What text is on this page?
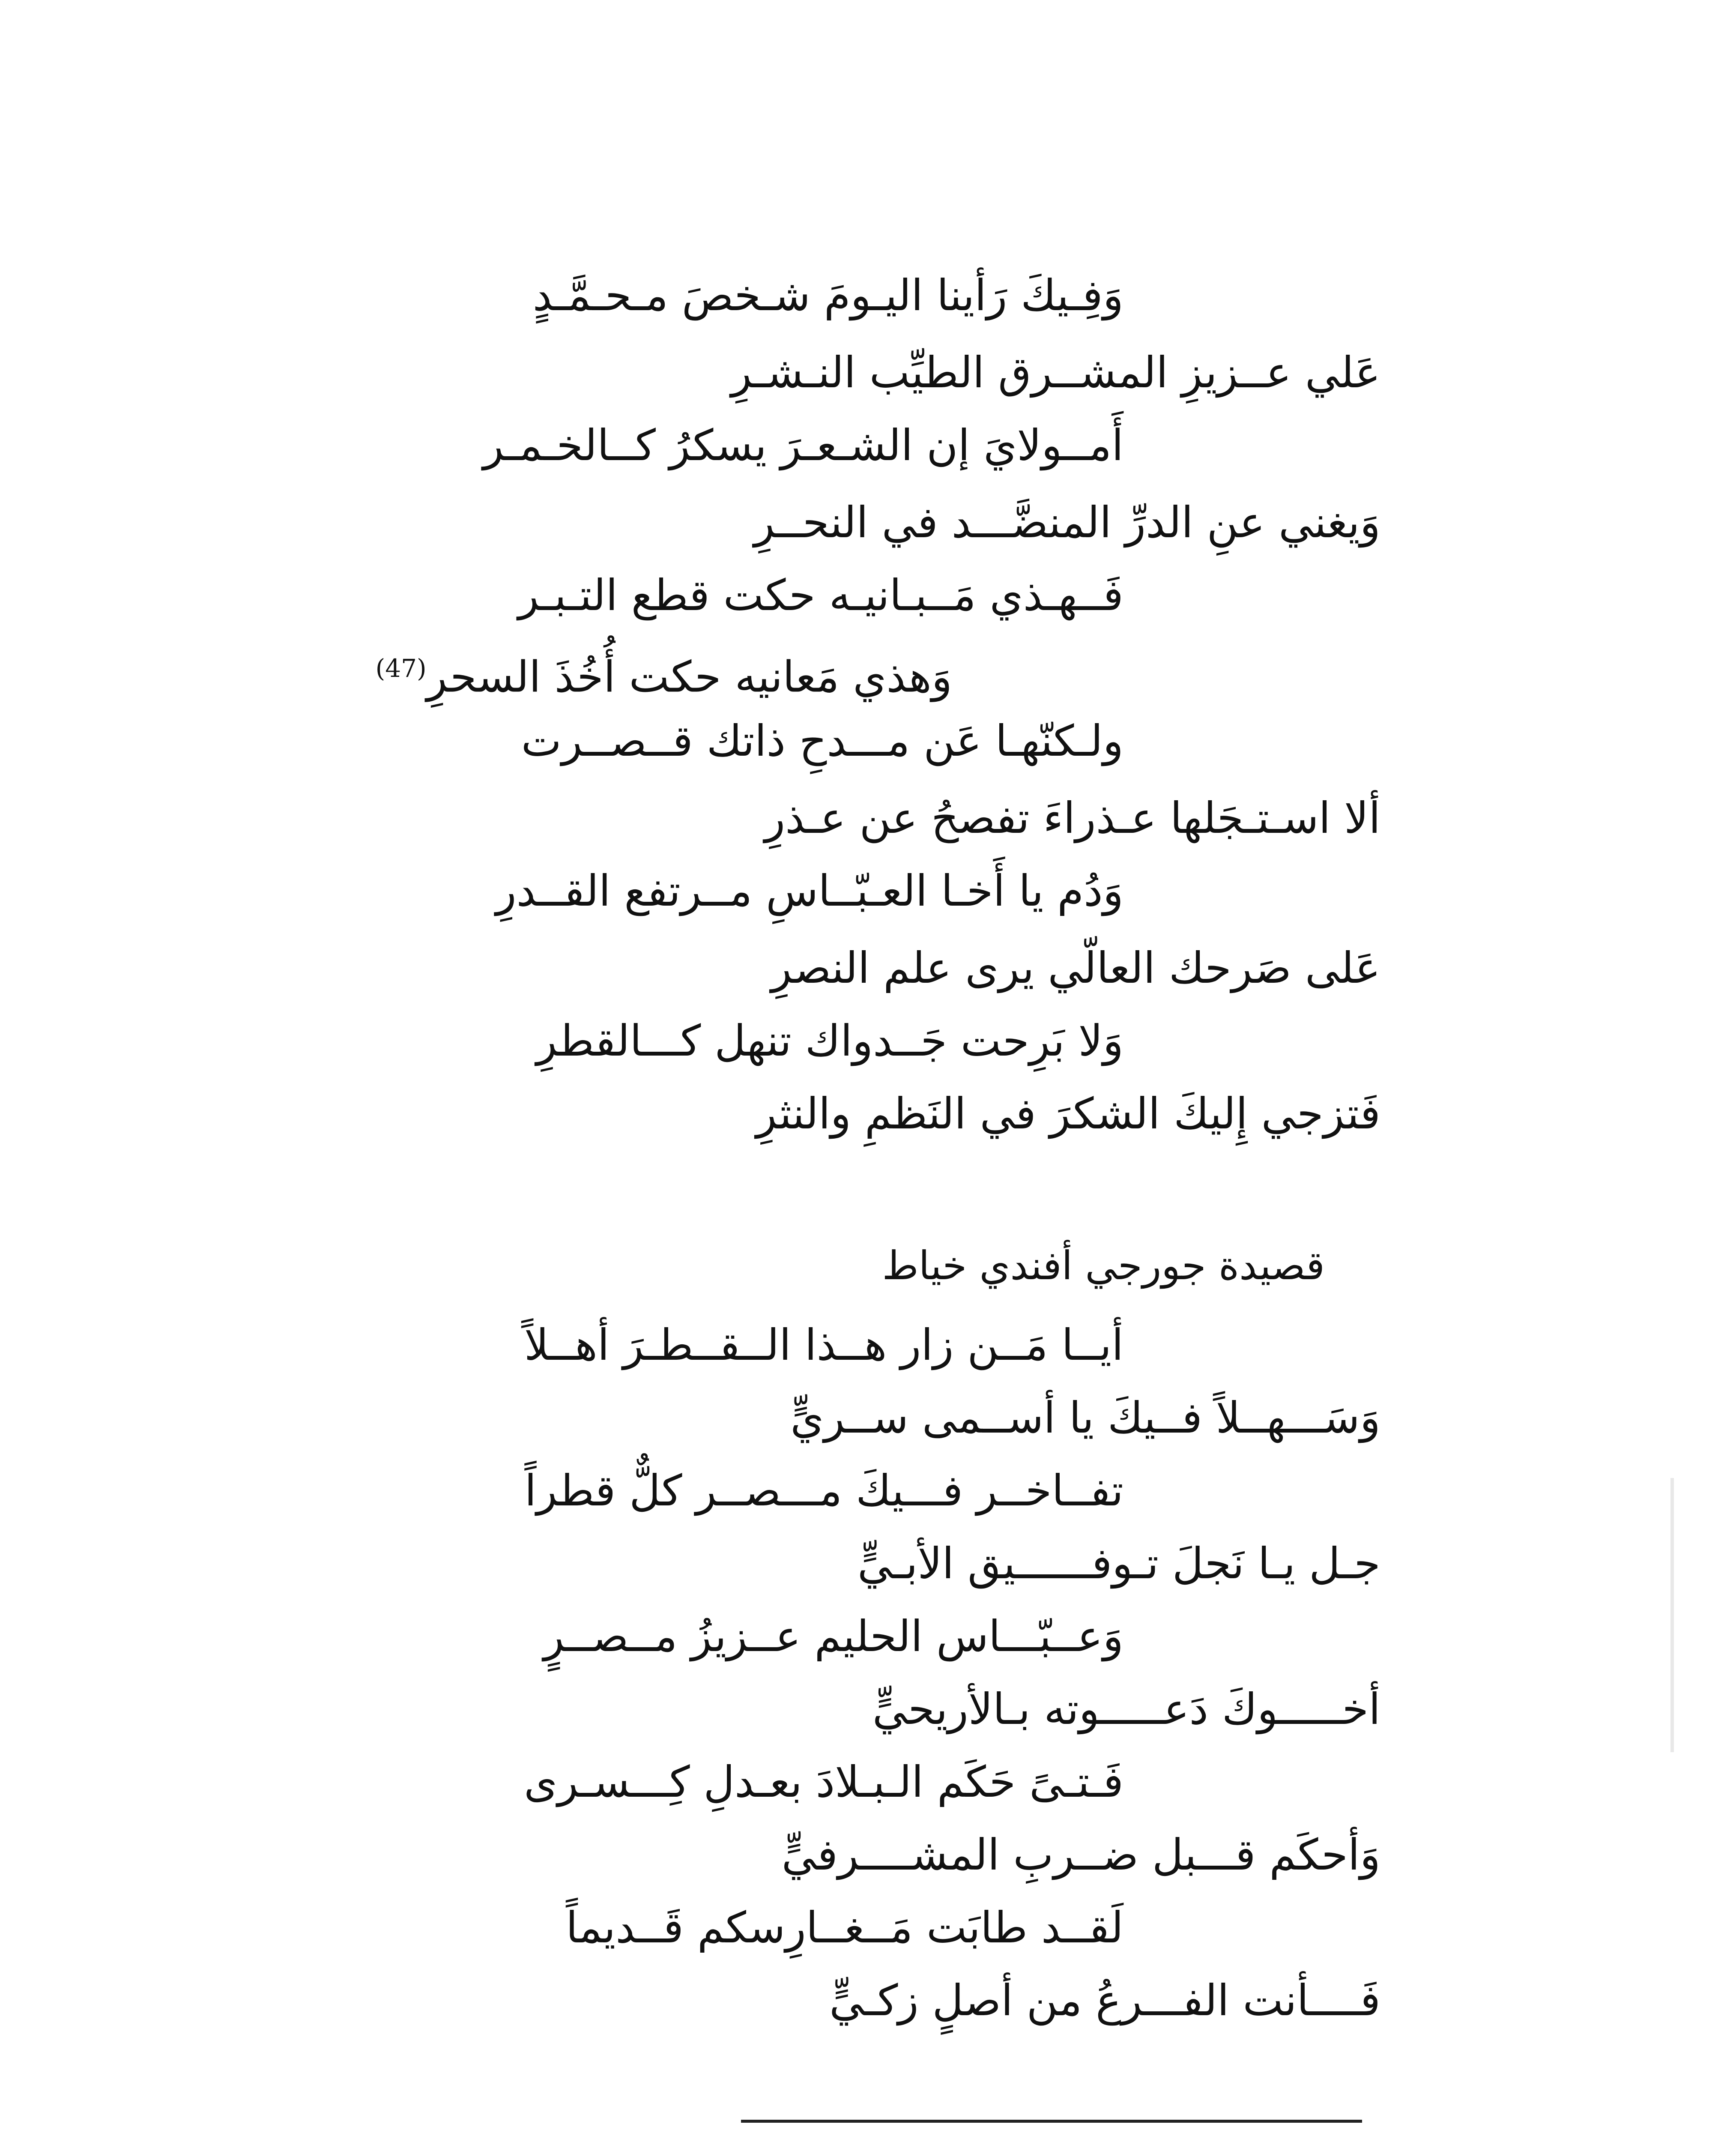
وَفِـيكَ رَأينا اليـومَ شـخصَ مـحـمَّـدٍ
عَلي عــزيزِ المشــرق الطيِّب النـشـرِ
أَمــولايَ إن الشـعـرَ يسكرُ كــالخـمـر
وَيغني عنِ الدرِّ المنضَّـــد في النحــرِ
فَــهـذي مَــبـانيـه حكت قطع التـبـر
وَهذي مَعانيه حكت أُخُذَ السحرِ$^{(47)}$
ولـكنّهـا عَن مـــدحِ ذاتك قــصــرت
ألا اسـتـجَلها عـذراءَ تفصحُ عن عـذرِ
وَدُم يا أَخـا العـبّــاسِ مــرتفع القــدرِ
عَلى صَرحك العالّي يرى علم النصرِ
وَلا بَرِحت جَــدواك تنهل كـــالقطرِ
فَتزجي إِليكَ الشكرَ في النَظمِ والنثرِ
قصيدة جورجي أفندي خياط
أيــا مَــن زار هــذا الــقــطـرَ أهــلاً
وَسَـــهــلاً فــيكَ يا أســمى ســريٍّ
تفــاخــر فـــيكَ مـــصــر كلٌّ قطراً
جـل يـا نَجلَ تـوفــــــيق الأبـيٍّ
وَعــبّـــاس الحليم عــزيزُ مــصــرٍ
أخـــــوكَ دَعـــــوته بـالأريحيٍّ
فَـتـىً حَكَم الـبـلادَ بعـدلِ كِـــسـرى
وَأحكَم قـــبل ضــربِ المشــــرفيٍّ
لَقــد طابَت مَــغــارِسكم قَــديماً
فَــــأنت الفـــرعُ من أصلٍ زكـيٍّ
